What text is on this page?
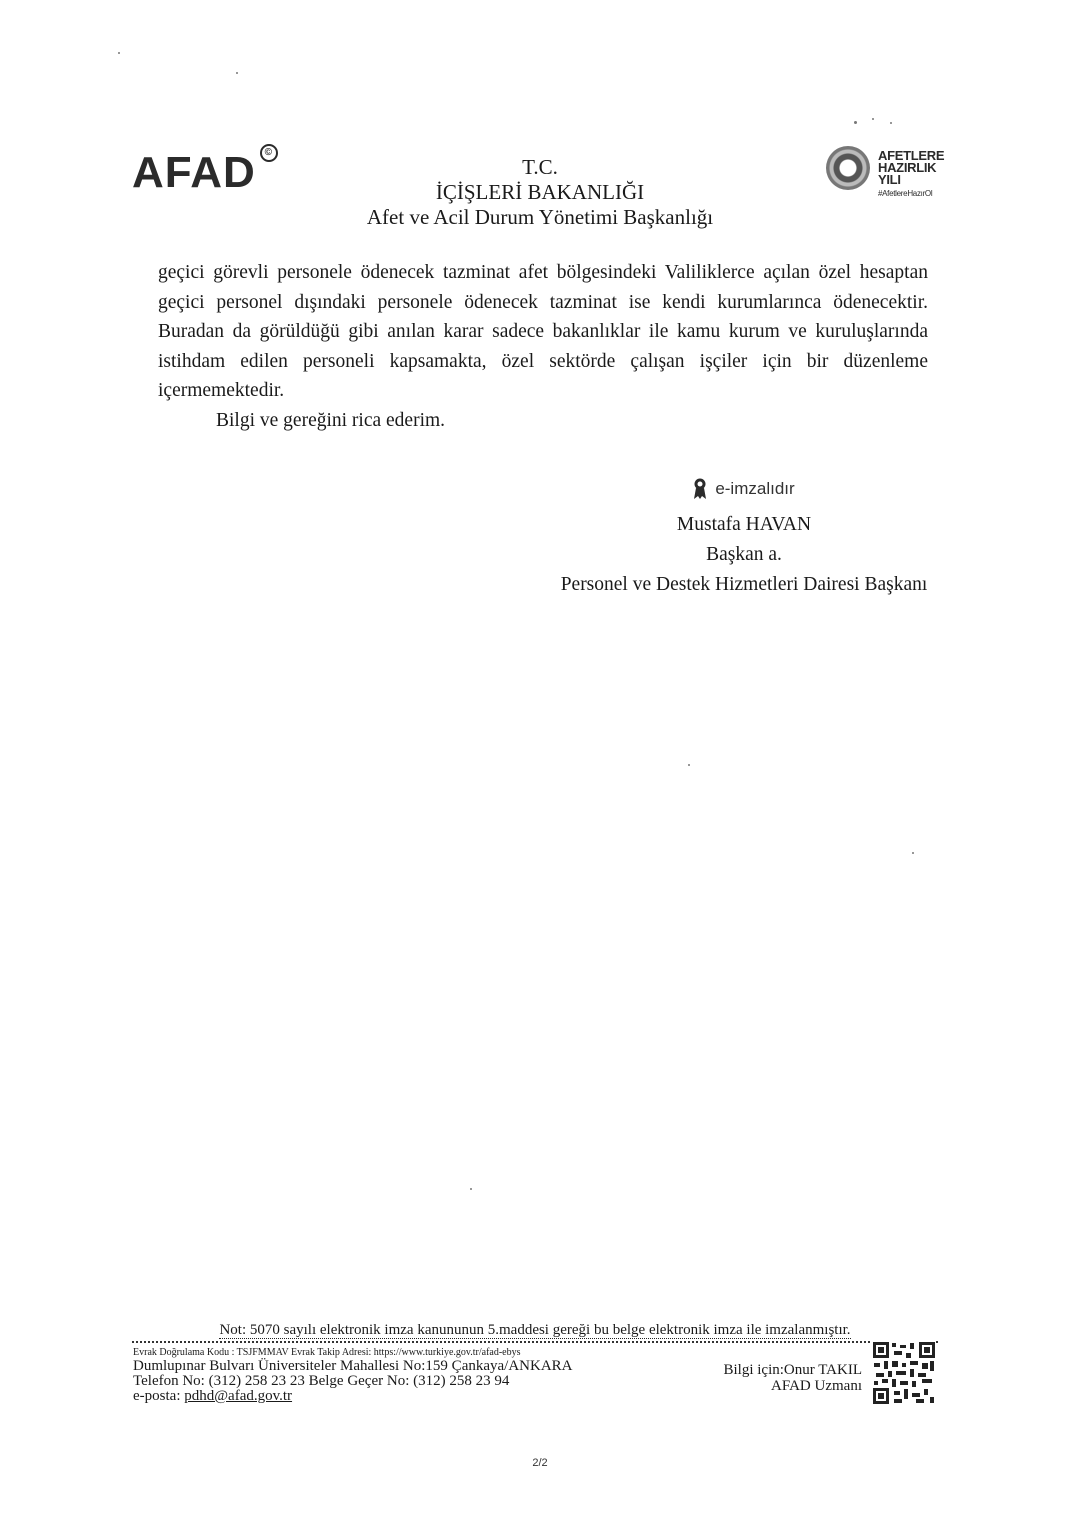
AFAD ©
T.C.
İÇİŞLERİ BAKANLIĞI
Afet ve Acil Durum Yönetimi Başkanlığı
AFETLERE
HAZIRLIK YILI
#AfetlereHazırOl

geçici görevli personele ödenecek tazminat afet bölgesindeki Valiliklerce açılan özel hesaptan geçici personel dışındaki personele ödenecek tazminat ise kendi kurumlarınca ödenecektir. Buradan da görüldüğü gibi anılan karar sadece bakanlıklar ile kamu kurum ve kuruluşlarında istihdam edilen personeli kapsamakta, özel sektörde çalışan işçiler için bir düzenleme içermemektedir.

Bilgi ve gereğini rica ederim.

e-imzalıdır
Mustafa HAVAN
Başkan a.
Personel ve Destek Hizmetleri Dairesi Başkanı
Not: 5070 sayılı elektronik imza kanununun 5.maddesi gereği bu belge elektronik imza ile imzalanmıştır.
Evrak Doğrulama Kodu : TSJFMMAV Evrak Takip Adresi: https://www.turkiye.gov.tr/afad-ebys
Dumlupınar Bulvarı Üniversiteler Mahallesi No:159 Çankaya/ANKARA
Telefon No: (312) 258 23 23 Belge Geçer No: (312) 258 23 94
e-posta: pdhd@afad.gov.tr
Bilgi için:Onur TAKIL
AFAD Uzmanı
2/2
